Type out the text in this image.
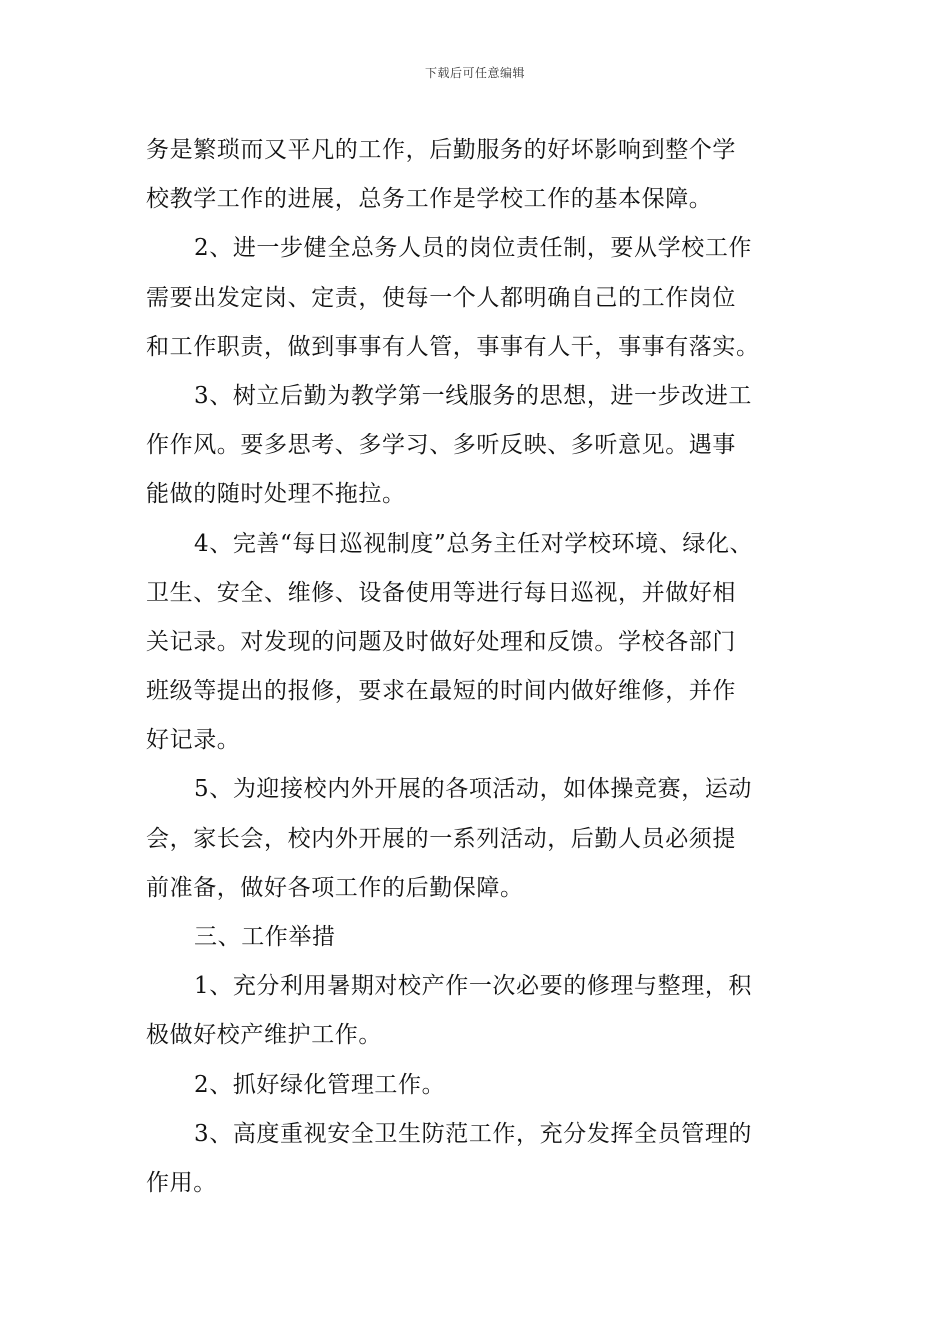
下载后可任意编辑
务是繁琐而又平凡的工作，后勤服务的好坏影响到整个学
校教学工作的进展，总务工作是学校工作的基本保障。
2、进一步健全总务人员的岗位责任制，要从学校工作
需要出发定岗、定责，使每一个人都明确自己的工作岗位
和工作职责，做到事事有人管，事事有人干，事事有落实。
3、树立后勤为教学第一线服务的思想，进一步改进工
作作风。要多思考、多学习、多听反映、多听意见。遇事
能做的随时处理不拖拉。
4、完善“每日巡视制度”总务主任对学校环境、绿化、
卫生、安全、维修、设备使用等进行每日巡视，并做好相
关记录。对发现的问题及时做好处理和反馈。学校各部门
班级等提出的报修，要求在最短的时间内做好维修，并作
好记录。
5、为迎接校内外开展的各项活动，如体操竞赛，运动
会，家长会，校内外开展的一系列活动，后勤人员必须提
前准备，做好各项工作的后勤保障。
三、工作举措
1、充分利用暑期对校产作一次必要的修理与整理，积
极做好校产维护工作。
2、抓好绿化管理工作。
3、高度重视安全卫生防范工作，充分发挥全员管理的
作用。
